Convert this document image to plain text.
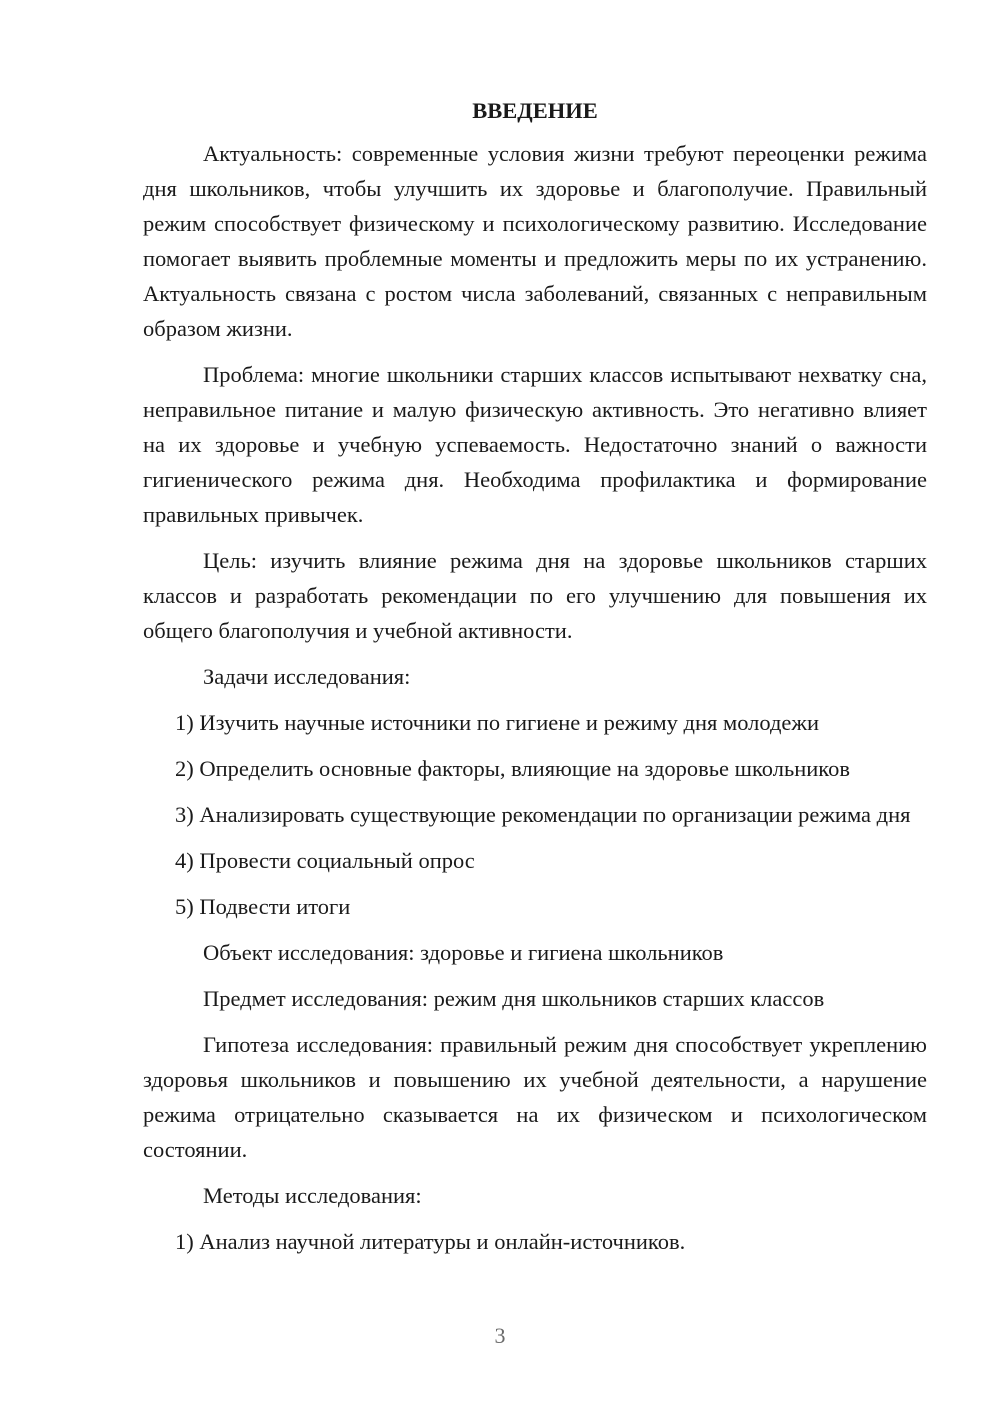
ВВЕДЕНИЕ
Актуальность: современные условия жизни требуют переоценки режима дня школьников, чтобы улучшить их здоровье и благополучие. Правильный режим способствует физическому и психологическому развитию. Исследование помогает выявить проблемные моменты и предложить меры по их устранению. Актуальность связана с ростом числа заболеваний, связанных с неправильным образом жизни.
Проблема: многие школьники старших классов испытывают нехватку сна, неправильное питание и малую физическую активность. Это негативно влияет на их здоровье и учебную успеваемость. Недостаточно знаний о важности гигиенического режима дня. Необходима профилактика и формирование правильных привычек.
Цель: изучить влияние режима дня на здоровье школьников старших классов и разработать рекомендации по его улучшению для повышения их общего благополучия и учебной активности.
Задачи исследования:
1) Изучить научные источники по гигиене и режиму дня молодежи
2) Определить основные факторы, влияющие на здоровье школьников
3) Анализировать существующие рекомендации по организации режима дня
4) Провести социальный опрос
5) Подвести итоги
Объект исследования: здоровье и гигиена школьников
Предмет исследования: режим дня школьников старших классов
Гипотеза исследования: правильный режим дня способствует укреплению здоровья школьников и повышению их учебной деятельности, а нарушение режима отрицательно сказывается на их физическом и психологическом состоянии.
Методы исследования:
1) Анализ научной литературы и онлайн-источников.
3
